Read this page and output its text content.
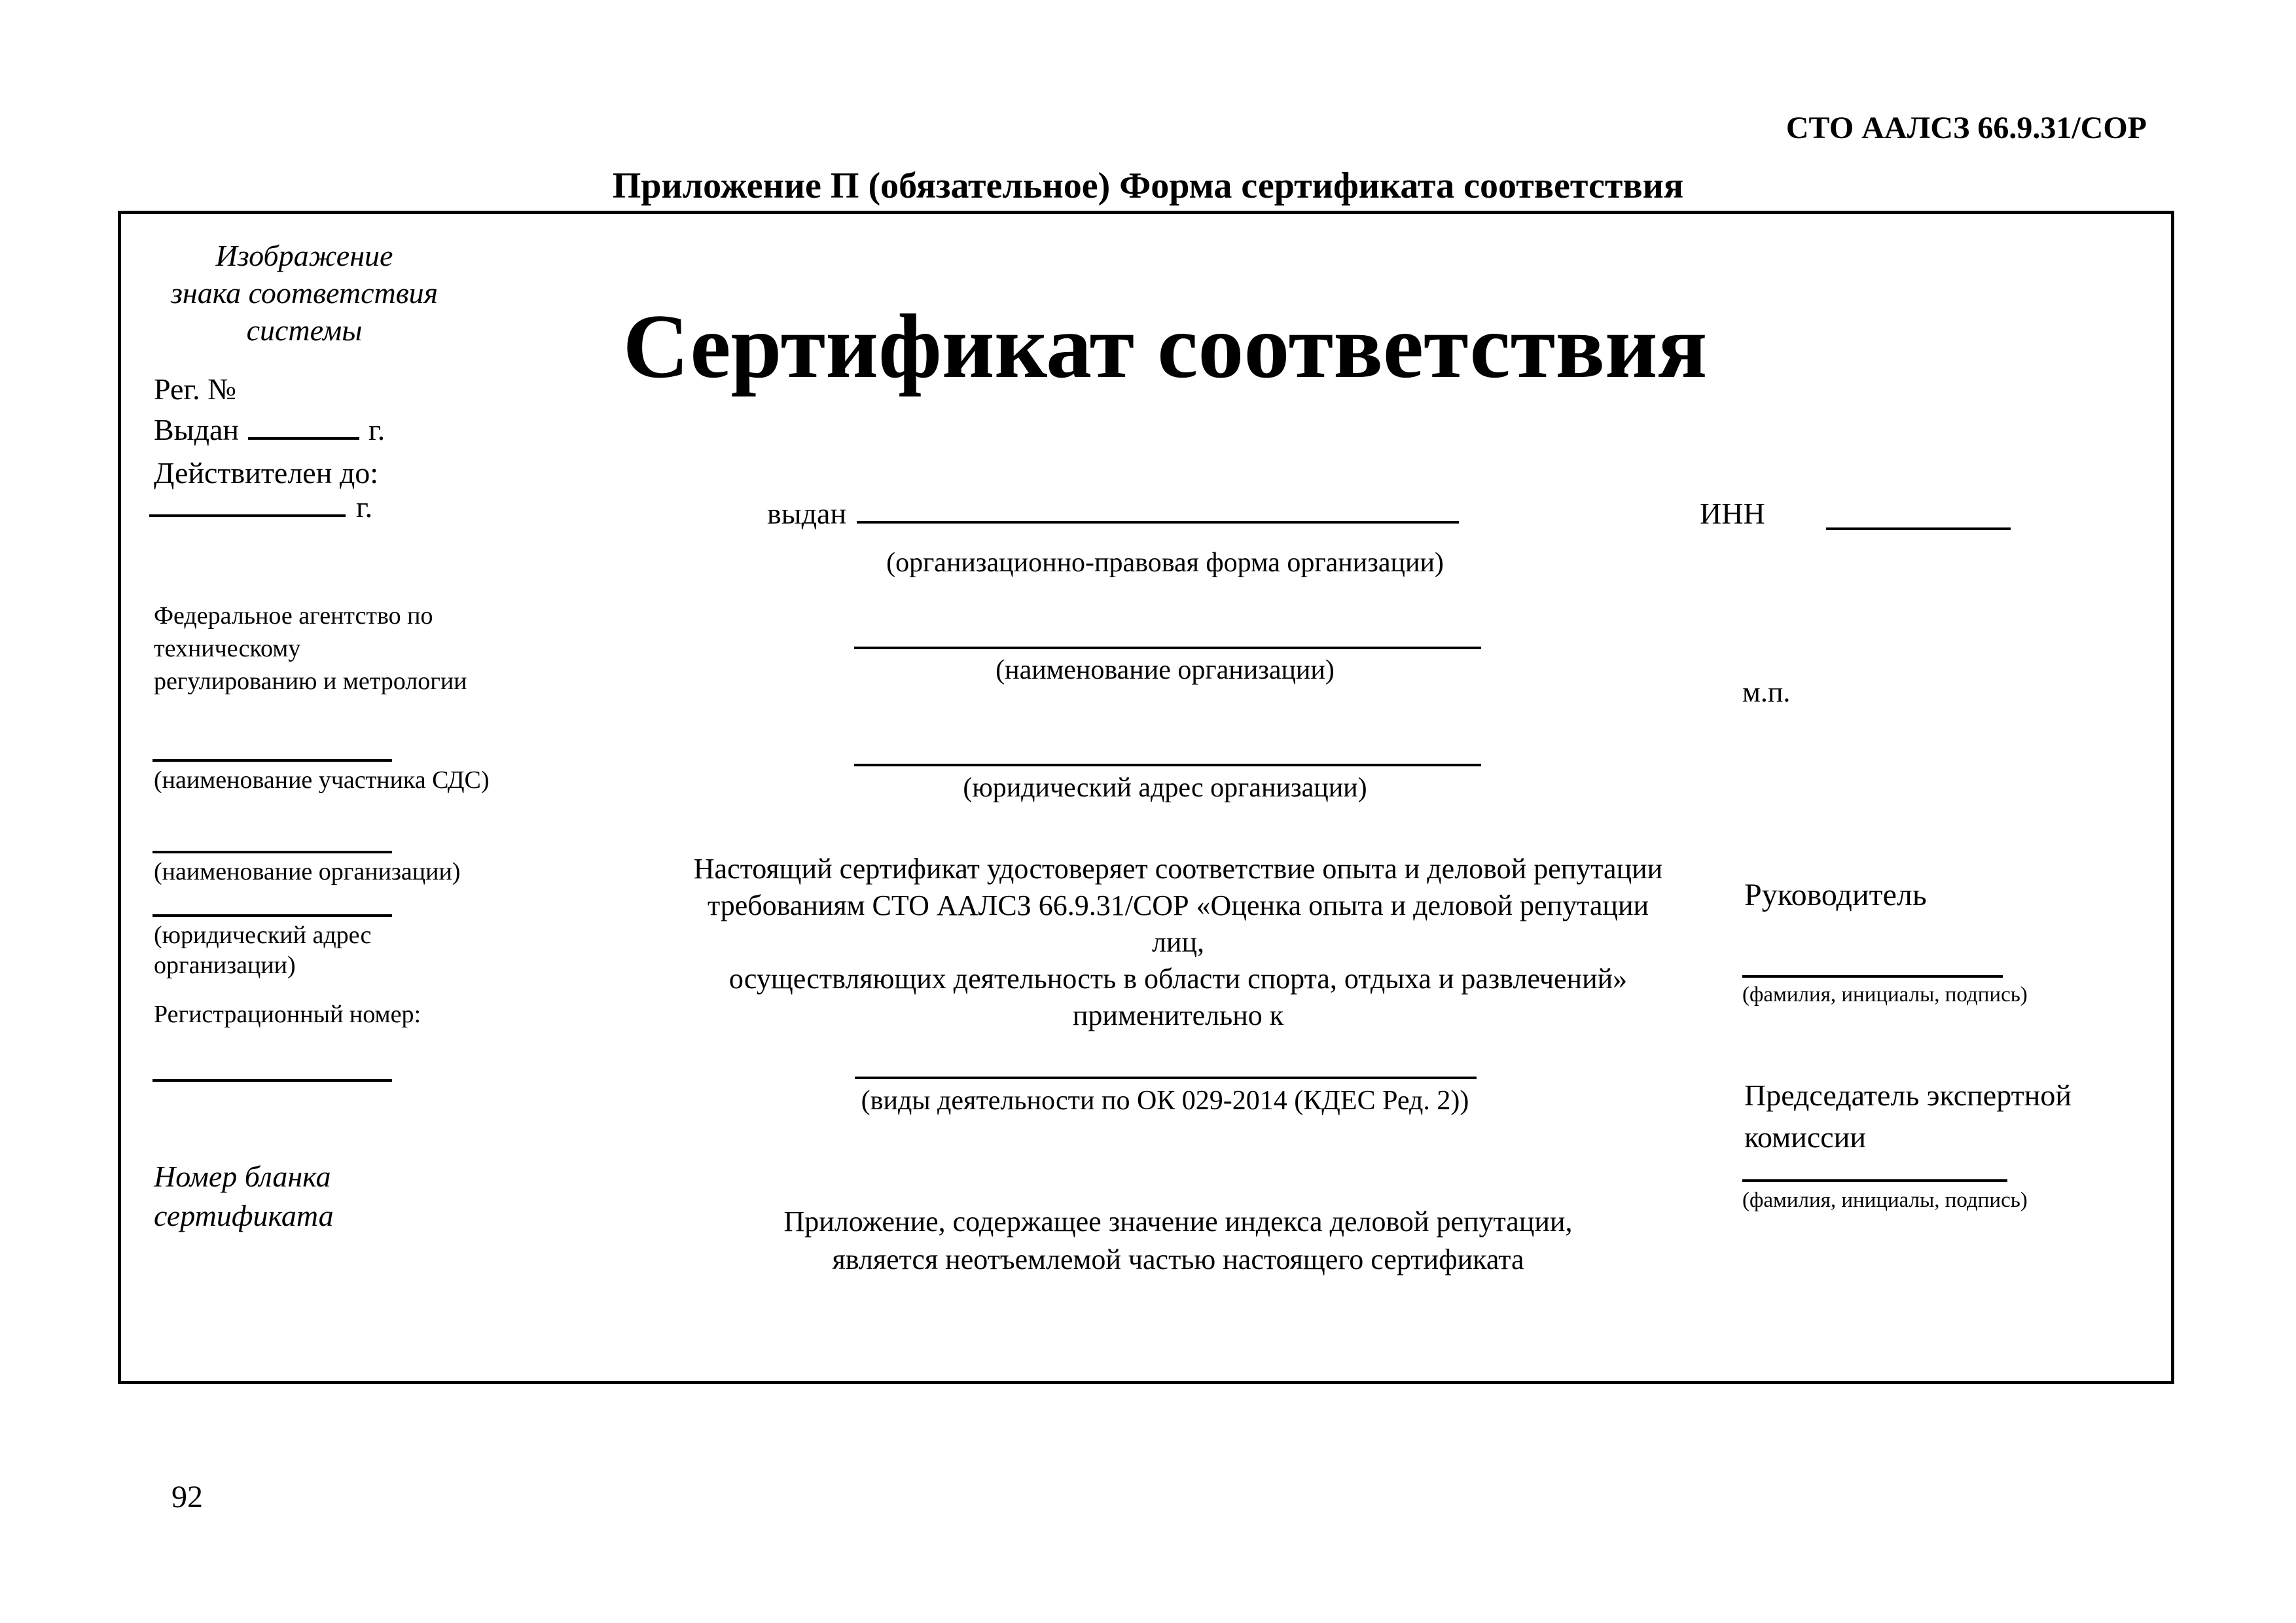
СТО ААЛСЗ 66.9.31/СОР
Приложение П (обязательное) Форма сертификата соответствия
Изображение
знака соответствия
системы
Рег. №
Выдан	г.
Действителен до:
г.
Федеральное агентство по
техническому
регулированию и метрологии
(наименование участника СДС)
(наименование организации)
(юридический адрес
организации)
Регистрационный номер:
Номер бланка
сертификата
Сертификат соответствия
выдан
(организационно-правовая форма организации)
(наименование организации)
(юридический адрес организации)
Настоящий сертификат удостоверяет соответствие опыта и деловой репутации
требованиям СТО ААЛСЗ 66.9.31/СОР «Оценка опыта и деловой репутации лиц,
осуществляющих деятельность в области спорта, отдыха и развлечений»
применительно к
(виды деятельности по ОК 029-2014 (КДЕС Ред. 2))
Приложение, содержащее значение индекса деловой репутации,
является неотъемлемой частью настоящего сертификата
ИНН
м.п.
Руководитель
(фамилия, инициалы, подпись)
Председатель экспертной
комиссии
(фамилия, инициалы, подпись)
92
